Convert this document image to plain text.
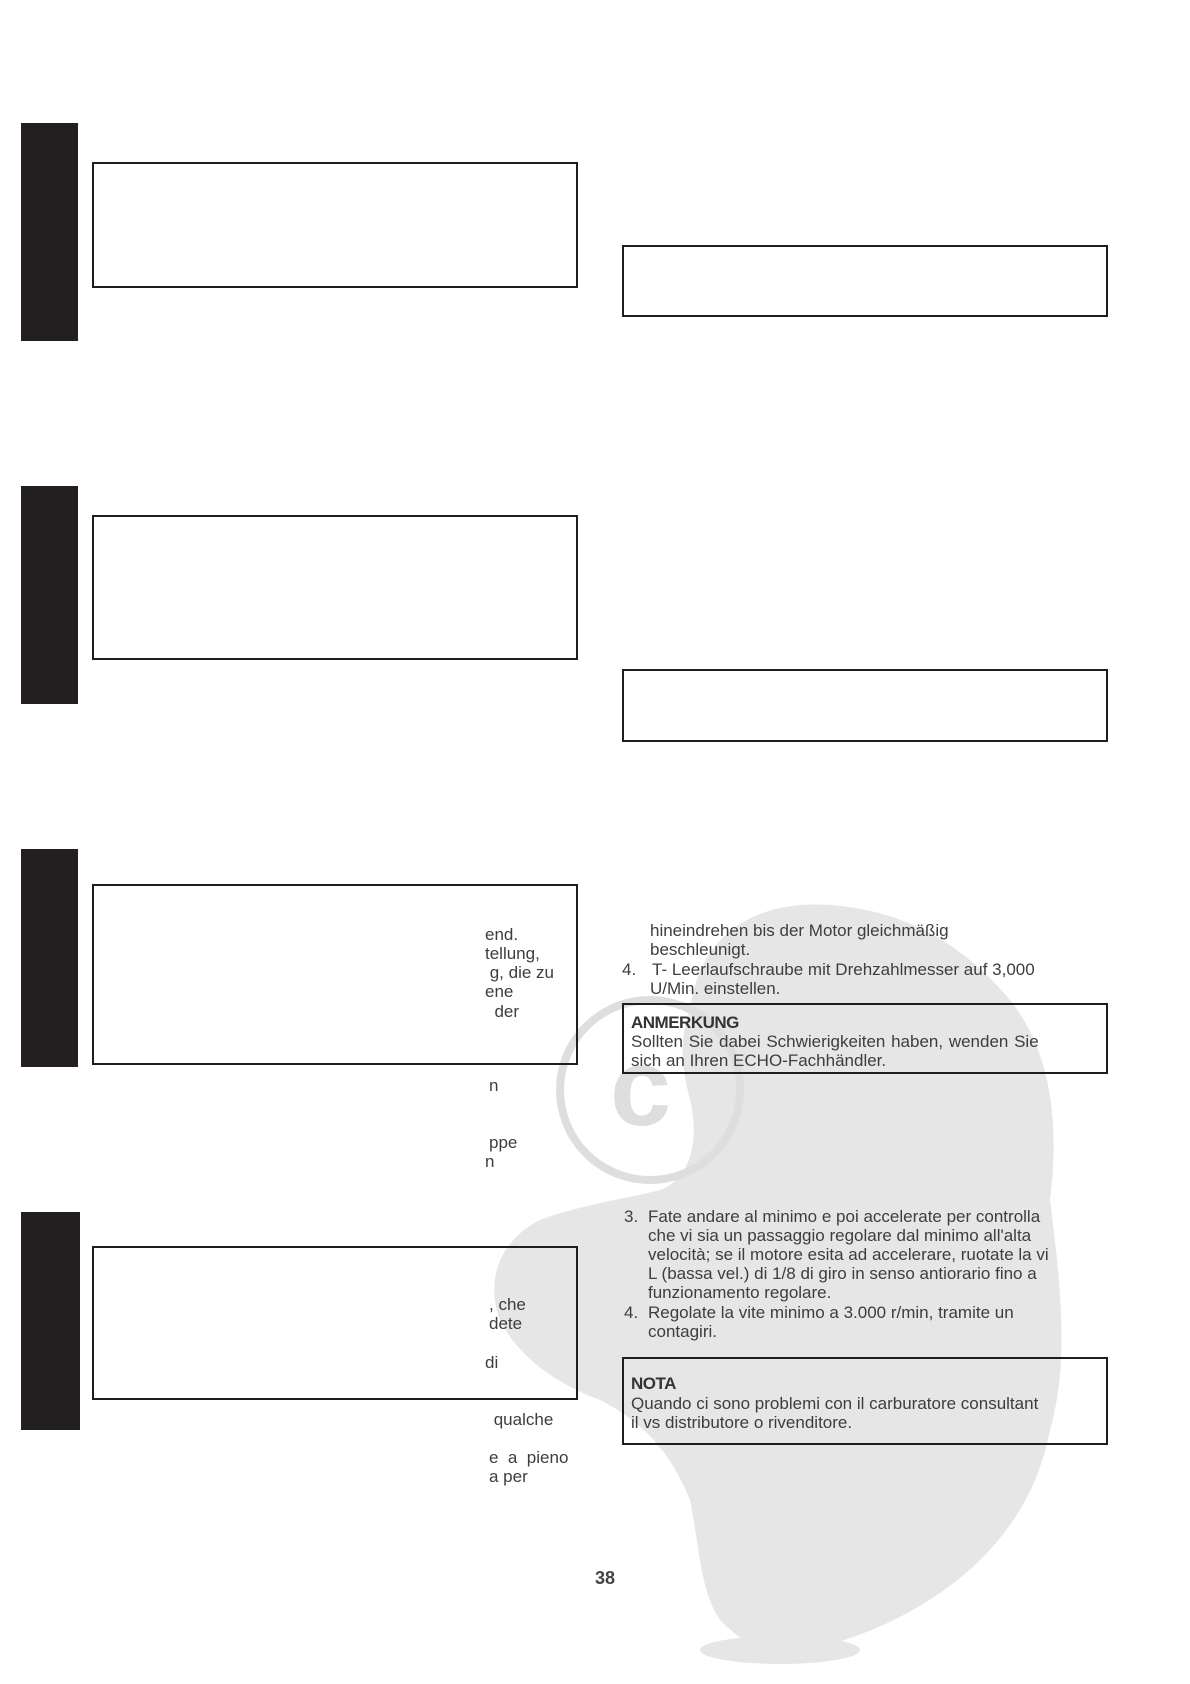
c
end.
tellung,
g, die zu
ene
der
n
ppe
n
, che
dete
di
qualche
e  a  pieno
a per
hineindrehen bis der Motor gleichmäßig
beschleunigt.
4. T- Leerlaufschraube mit Drehzahlmesser auf 3,000
U/Min. einstellen.
ANMERKUNG
Sollten Sie dabei Schwierigkeiten haben, wenden Sie
sich an Ihren ECHO-Fachhändler.
3. Fate andare al minimo e poi accelerate per controlla
che vi sia un passaggio regolare dal minimo all'alta
velocità; se il motore esita ad accelerare, ruotate la vi
L (bassa vel.) di 1/8 di giro in senso antiorario fino a
funzionamento regolare.
4. Regolate la vite minimo a 3.000 r/min, tramite un
contagiri.
NOTA
Quando ci sono problemi con il carburatore consultant
il vs distributore o rivenditore.
38
